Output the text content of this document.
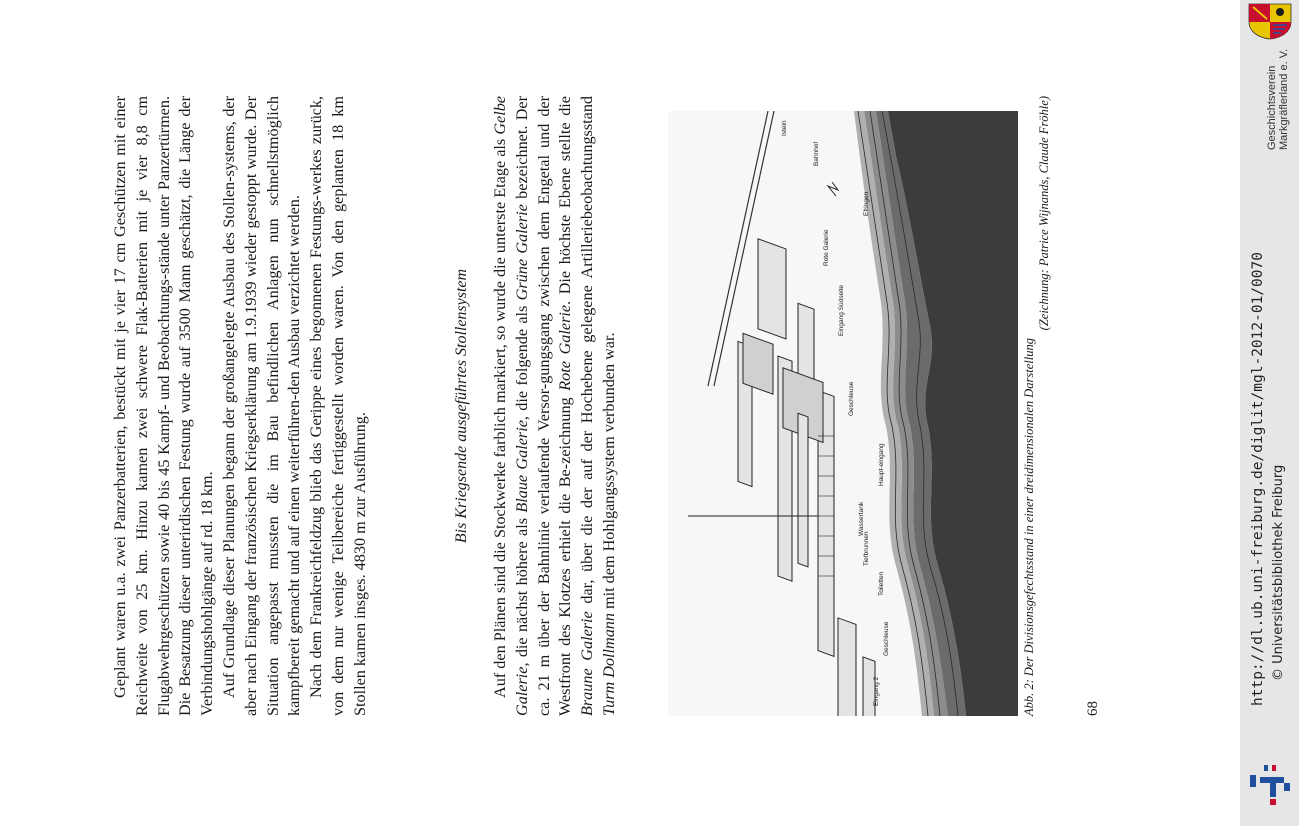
Geplant waren u.a. zwei Panzerbatterien, bestückt mit je vier 17 cm Geschützen mit einer Reichweite von 25 km. Hinzu kamen zwei schwere Flak-Batterien mit je vier 8,8 cm Flugabwehrgeschützen sowie 40 bis 45 Kampf- und Beobachtungs-stände unter Panzertürmen. Die Besatzung dieser unterirdischen Festung wurde auf 3500 Mann geschätzt, die Länge der Verbindungshohlgänge auf rd. 18 km. Auf Grundlage dieser Planungen begann der großangelegte Ausbau des Stollen-systems, der aber nach Eingang der französischen Kriegserklärung am 1.9.1939 wieder gestoppt wurde. Der Situation angepasst mussten die im Bau befindlichen Anlagen nun schnellstmöglich kampfbereit gemacht und auf einen weiterführen-den Ausbau verzichtet werden. Nach dem Frankreichfeldzug blieb das Gerippe eines begonnenen Festungs-werkes zurück, von dem nur wenige Teilbereiche fertiggestellt worden waren. Von den geplanten 18 km Stollen kamen insges. 4830 m zur Ausführung.

Bis Kriegsende ausgeführtes Stollensystem Auf den Plänen sind die Stockwerke farblich markiert, so wurde die unterste Etage als Gelbe Galerie, die nächst höhere als Blaue Galerie, die folgende als Grüne Galerie bezeichnet. Der ca. 21 m über der Bahnlinie verlaufende Versor-gungsgang zwischen dem Engetal und der Westfront des Klotzes erhielt die Be-zeichnung Rote Galerie. Die höchste Ebene stellte die Braune Galerie dar, über die der auf der Hochebene gelegene Artilleriebeobachtungsstand Turm Dollmann mit dem Hohlgangssystem verbunden war.

Eingang 2
Geschleuse
Toiletten
Tiefbrunnen
Wassertank
Haupt-eingang
Geschleuse
Eingang Südseite
Rote Galerie
Efringen
Istein
Bahnhof
Abb. 2: Der Divisionsgefechtsstand in einer dreidimensionalen Darstellung
(Zeichnung: Patrice Wijnands, Claude Fröhle)
68
http://dl.ub.uni-freiburg.de/diglit/mgl-2012-01/0070 © Universitätsbibliothek Freiburg
Geschichtsverein Markgräflerland e. V.
